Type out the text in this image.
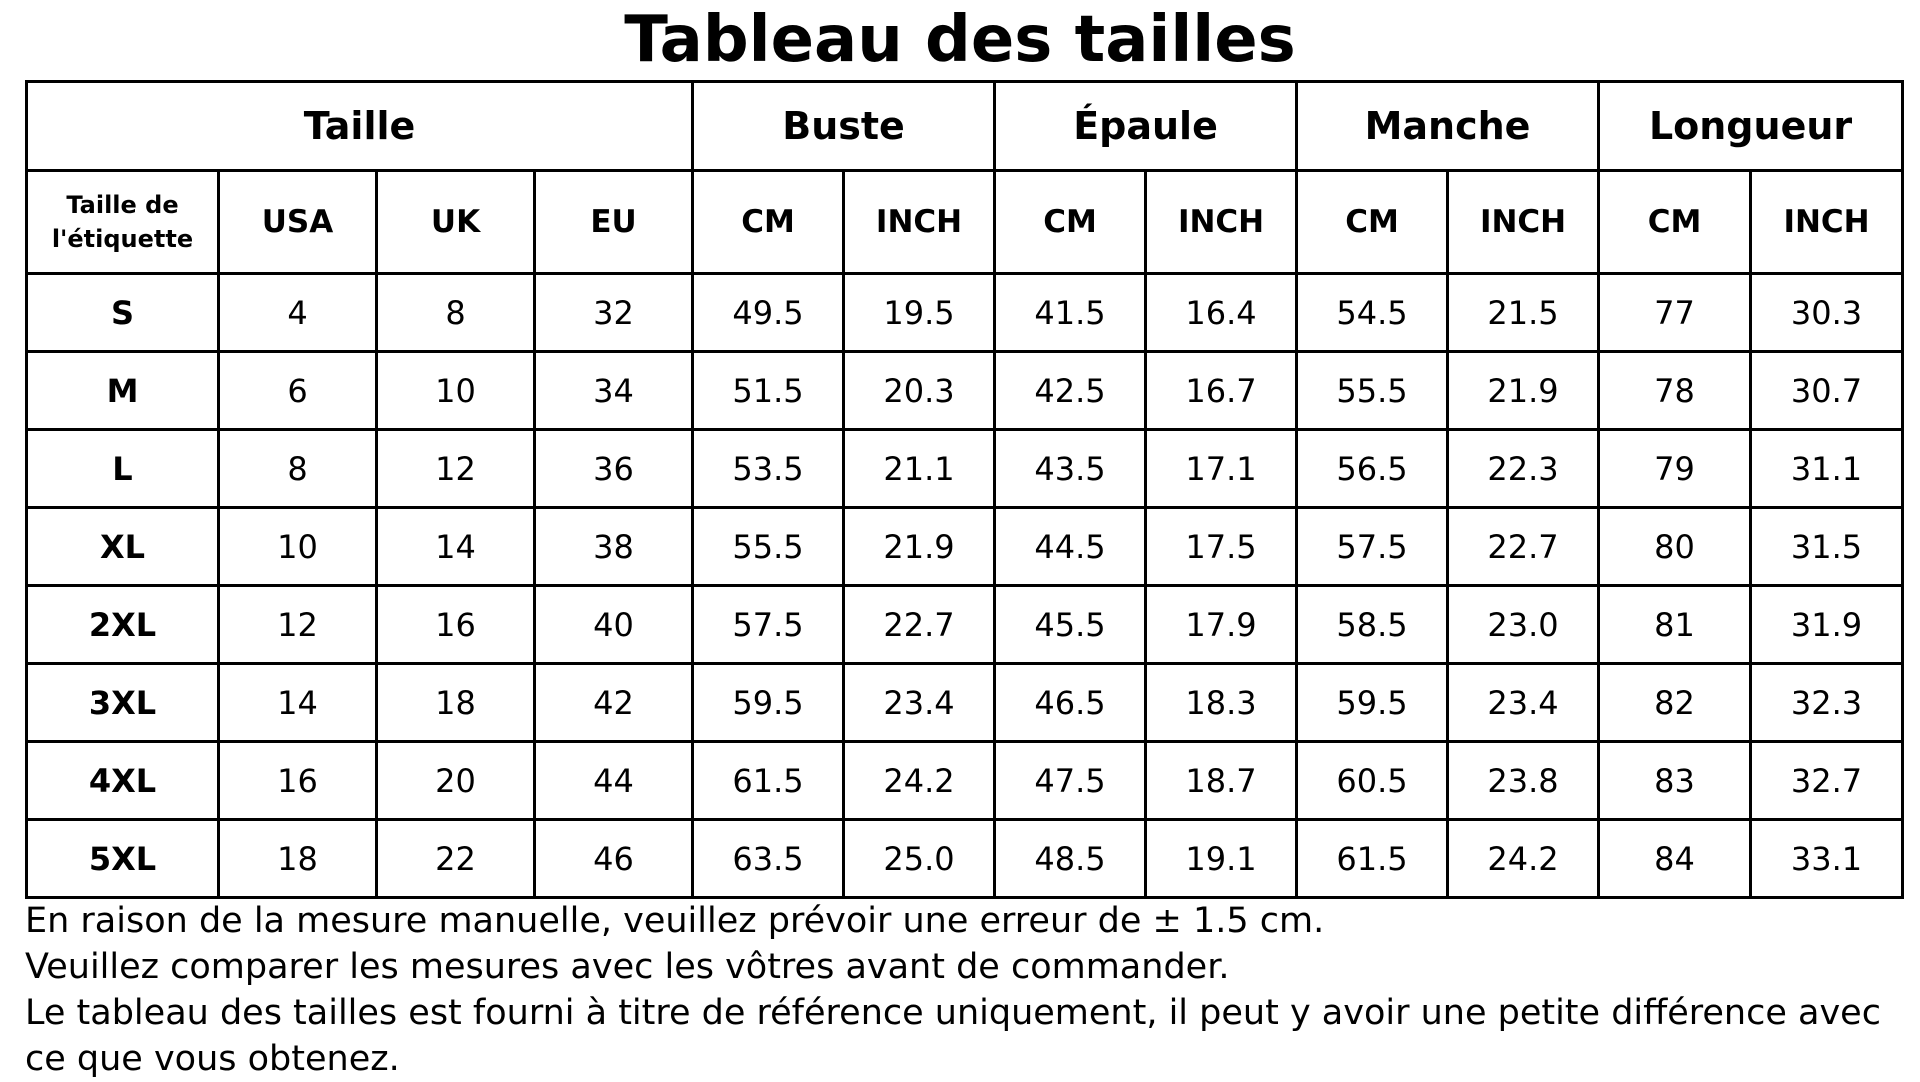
Tableau des tailles
Taille				Buste		Épaule		Manche		Longueur	
Taille de
l'étiquette	USA	UK	EU	CM	INCH	CM	INCH	CM	INCH	CM	INCH
S	4	8	32	49.5	19.5	41.5	16.4	54.5	21.5	77	30.3
M	6	10	34	51.5	20.3	42.5	16.7	55.5	21.9	78	30.7
L	8	12	36	53.5	21.1	43.5	17.1	56.5	22.3	79	31.1
XL	10	14	38	55.5	21.9	44.5	17.5	57.5	22.7	80	31.5
2XL	12	16	40	57.5	22.7	45.5	17.9	58.5	23.0	81	31.9
3XL	14	18	42	59.5	23.4	46.5	18.3	59.5	23.4	82	32.3
4XL	16	20	44	61.5	24.2	47.5	18.7	60.5	23.8	83	32.7
5XL	18	22	46	63.5	25.0	48.5	19.1	61.5	24.2	84	33.1

En raison de la mesure manuelle, veuillez prévoir une erreur de ± 1.5 cm.

Veuillez comparer les mesures avec les vôtres avant de commander.

Le tableau des tailles est fourni à titre de référence uniquement, il peut y avoir une petite différence avec ce que vous obtenez.
